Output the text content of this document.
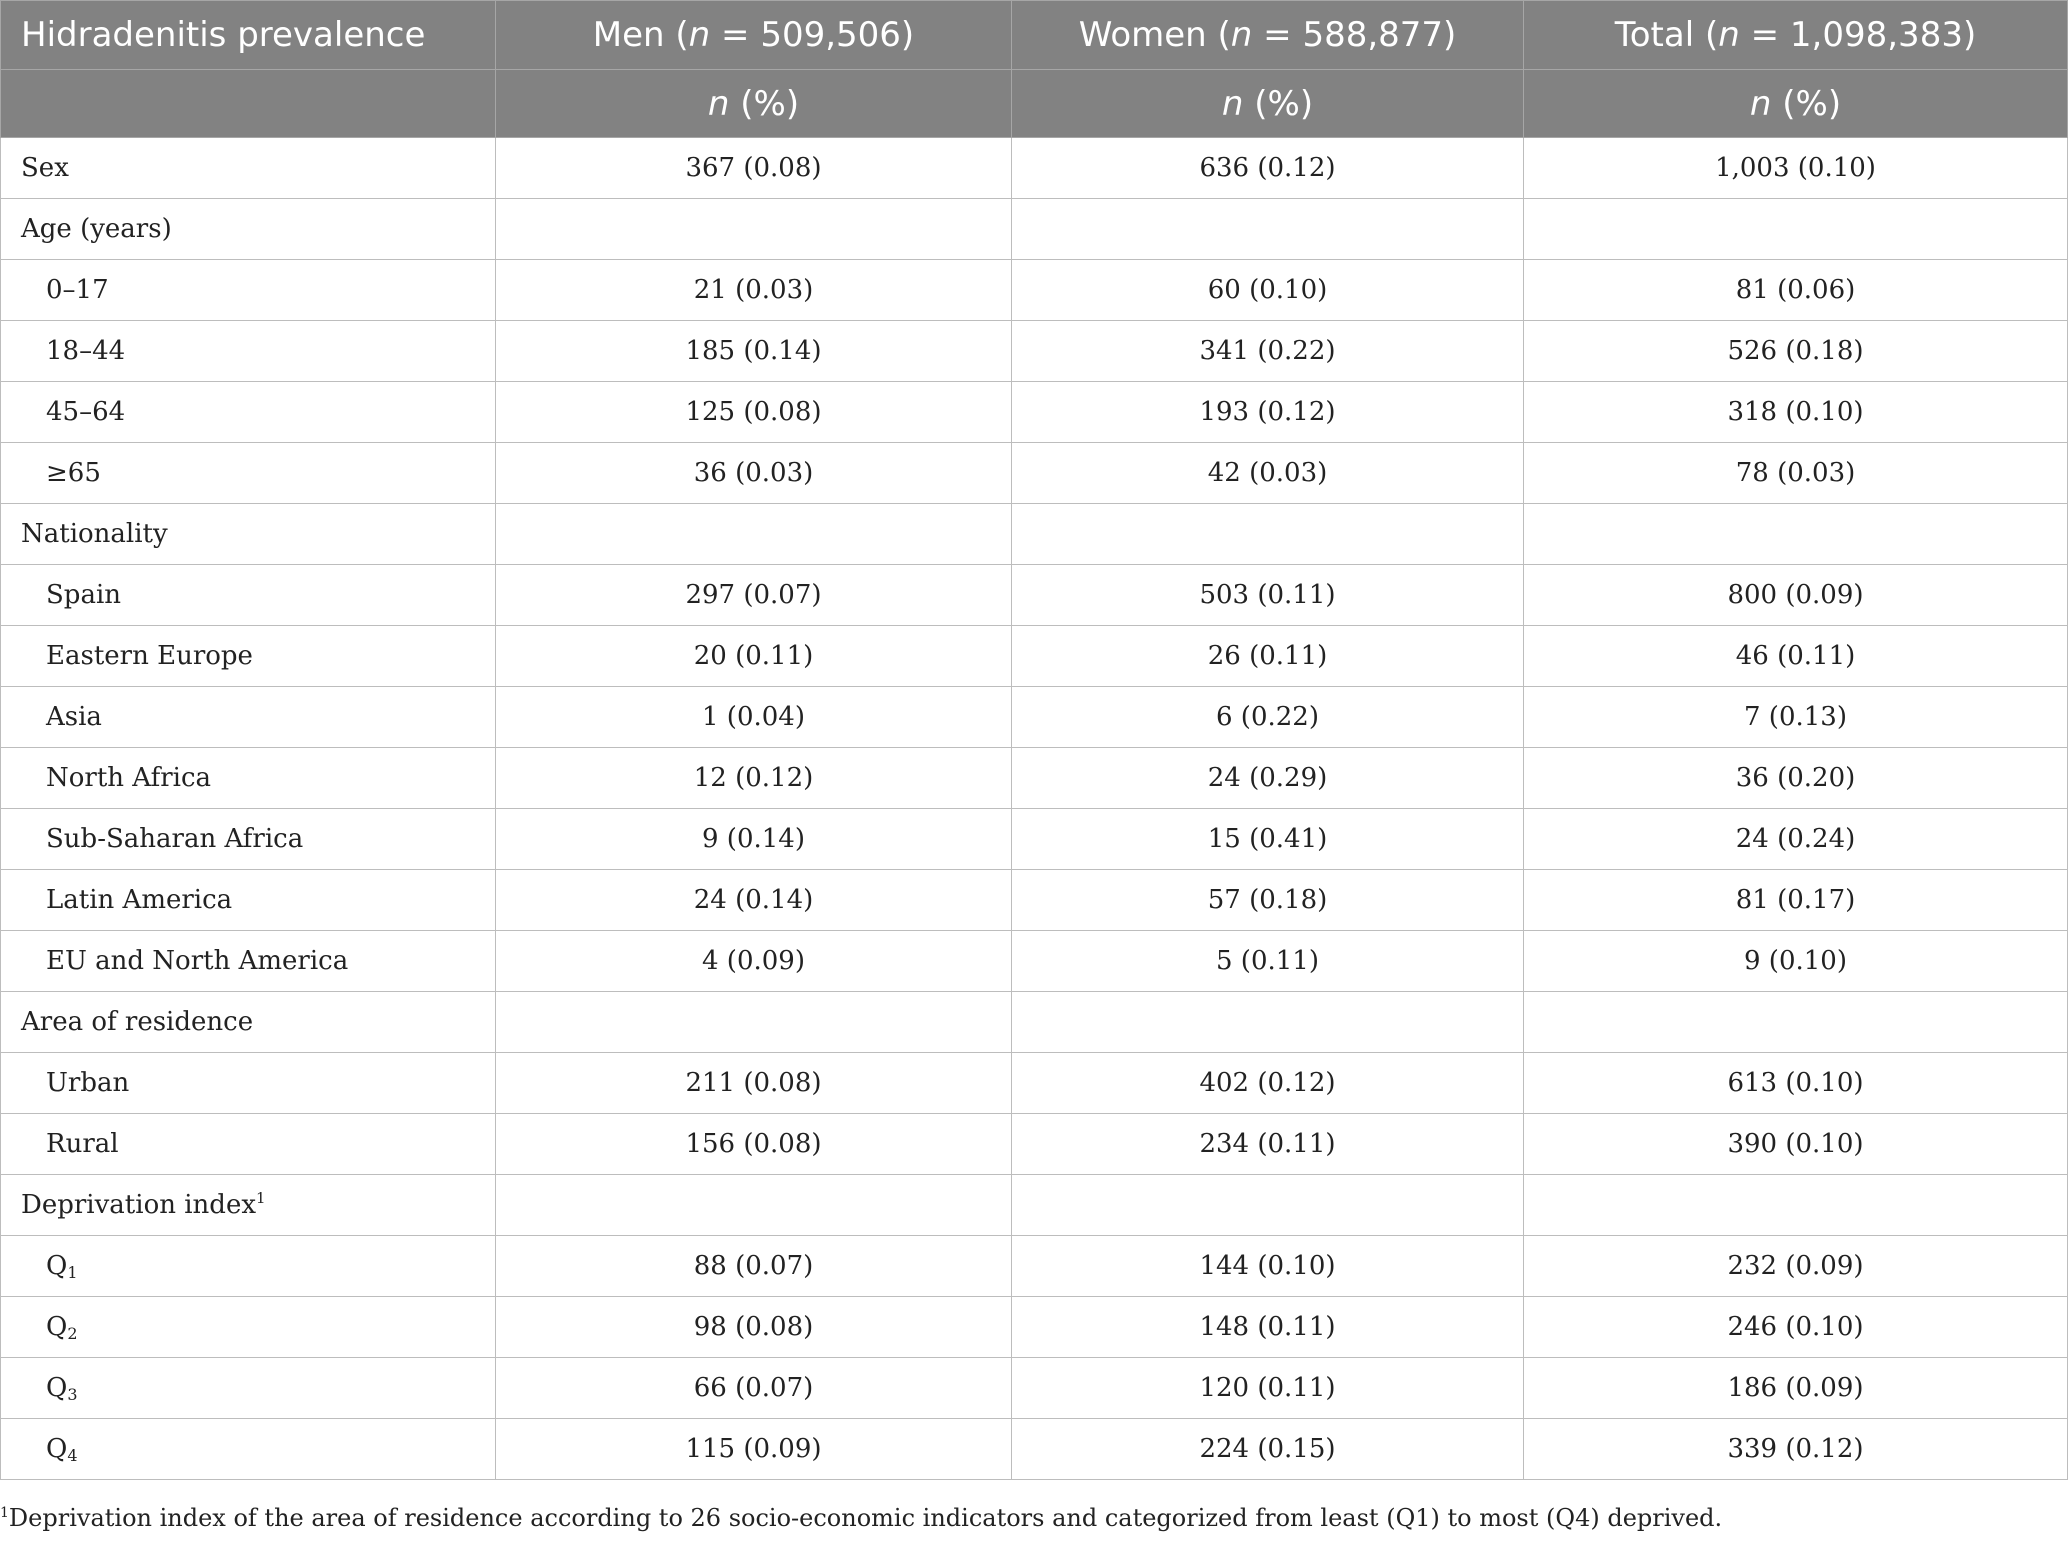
Hidradenitis prevalence	Men (n = 509,506)	Women (n = 588,877)	Total (n = 1,098,383)
	n (%)	n (%)	n (%)
Sex	367 (0.08)	636 (0.12)	1,003 (0.10)
Age (years)			
0–17	21 (0.03)	60 (0.10)	81 (0.06)
18–44	185 (0.14)	341 (0.22)	526 (0.18)
45–64	125 (0.08)	193 (0.12)	318 (0.10)
≥65	36 (0.03)	42 (0.03)	78 (0.03)
Nationality			
Spain	297 (0.07)	503 (0.11)	800 (0.09)
Eastern Europe	20 (0.11)	26 (0.11)	46 (0.11)
Asia	1 (0.04)	6 (0.22)	7 (0.13)
North Africa	12 (0.12)	24 (0.29)	36 (0.20)
Sub-Saharan Africa	9 (0.14)	15 (0.41)	24 (0.24)
Latin America	24 (0.14)	57 (0.18)	81 (0.17)
EU and North America	4 (0.09)	5 (0.11)	9 (0.10)
Area of residence			
Urban	211 (0.08)	402 (0.12)	613 (0.10)
Rural	156 (0.08)	234 (0.11)	390 (0.10)
Deprivation index$^1$			
$Q_1$	88 (0.07)	144 (0.10)	232 (0.09)
$Q_2$	98 (0.08)	148 (0.11)	246 (0.10)
$Q_3$	66 (0.07)	120 (0.11)	186 (0.09)
$Q_4$	115 (0.09)	224 (0.15)	339 (0.12)
$^1$Deprivation index of the area of residence according to 26 socio-economic indicators and categorized from least (Q1) to most (Q4) deprived.
